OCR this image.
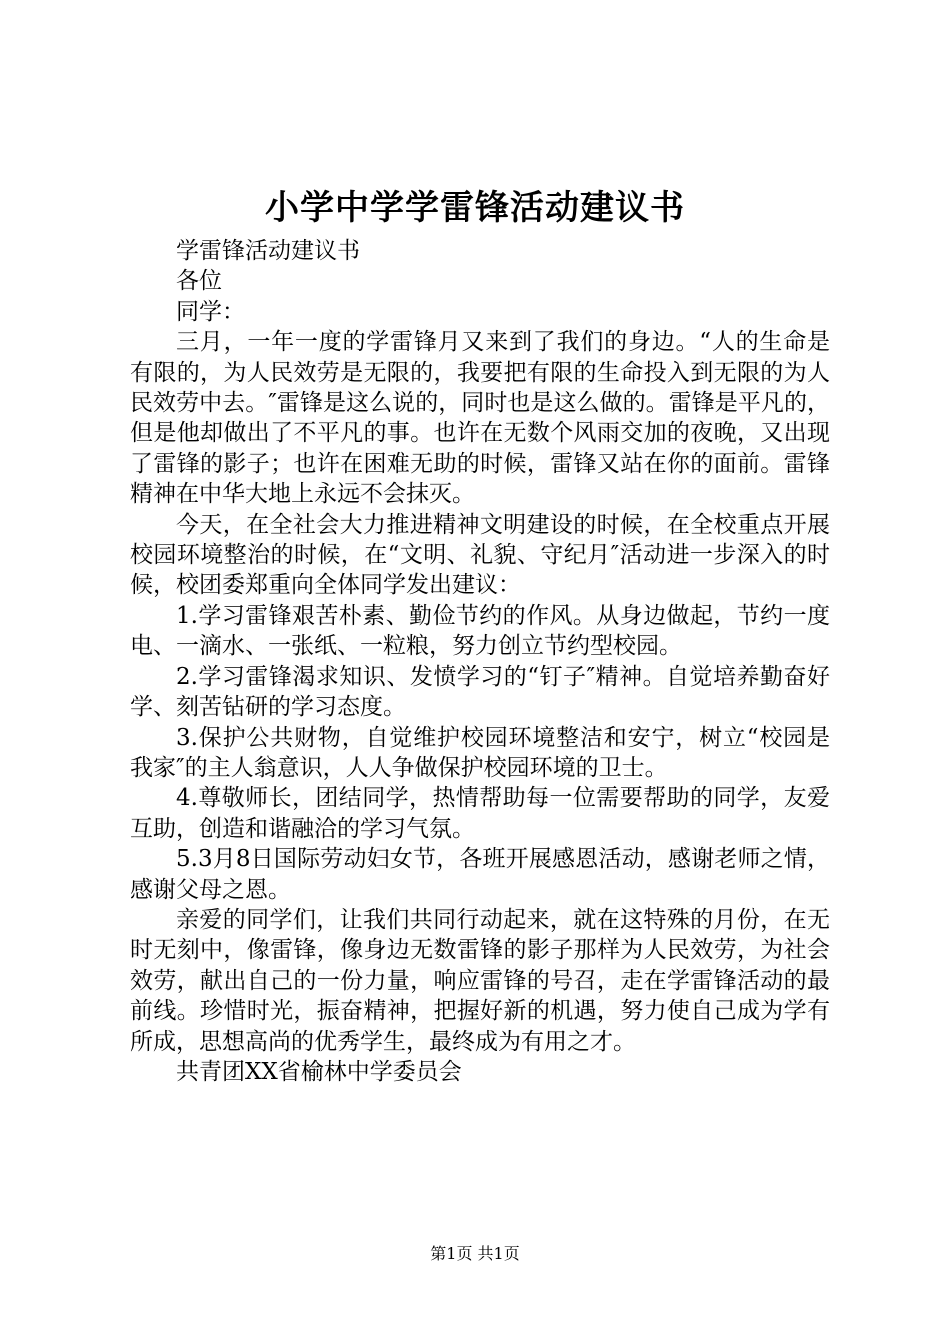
小学中学学雷锋活动建议书

学雷锋活动建议书

各位

同学：

三月，一年一度的学雷锋月又来到了我们的身边。“人的生命是有限的，为人民效劳是无限的，我要把有限的生命投入到无限的为人民效劳中去。″雷锋是这么说的，同时也是这么做的。雷锋是平凡的，但是他却做出了不平凡的事。也许在无数个风雨交加的夜晚，又出现了雷锋的影子；也许在困难无助的时候，雷锋又站在你的面前。雷锋精神在中华大地上永远不会抹灭。

今天，在全社会大力推进精神文明建设的时候，在全校重点开展校园环境整治的时候，在“文明、礼貌、守纪月″活动进一步深入的时候，校团委郑重向全体同学发出建议：

1.学习雷锋艰苦朴素、勤俭节约的作风。从身边做起，节约一度电、一滴水、一张纸、一粒粮，努力创立节约型校园。

2.学习雷锋渴求知识、发愤学习的“钉子″精神。自觉培养勤奋好学、刻苦钻研的学习态度。

3.保护公共财物，自觉维护校园环境整洁和安宁，树立“校园是我家″的主人翁意识，人人争做保护校园环境的卫士。

4.尊敬师长，团结同学，热情帮助每一位需要帮助的同学，友爱互助，创造和谐融洽的学习气氛。

5.3月8日国际劳动妇女节，各班开展感恩活动，感谢老师之情，感谢父母之恩。

亲爱的同学们，让我们共同行动起来，就在这特殊的月份，在无时无刻中，像雷锋，像身边无数雷锋的影子那样为人民效劳，为社会效劳，献出自己的一份力量，响应雷锋的号召，走在学雷锋活动的最前线。珍惜时光，振奋精神，把握好新的机遇，努力使自己成为学有所成，思想高尚的优秀学生，最终成为有用之才。

共青团XX省榆林中学委员会

第1页 共1页
